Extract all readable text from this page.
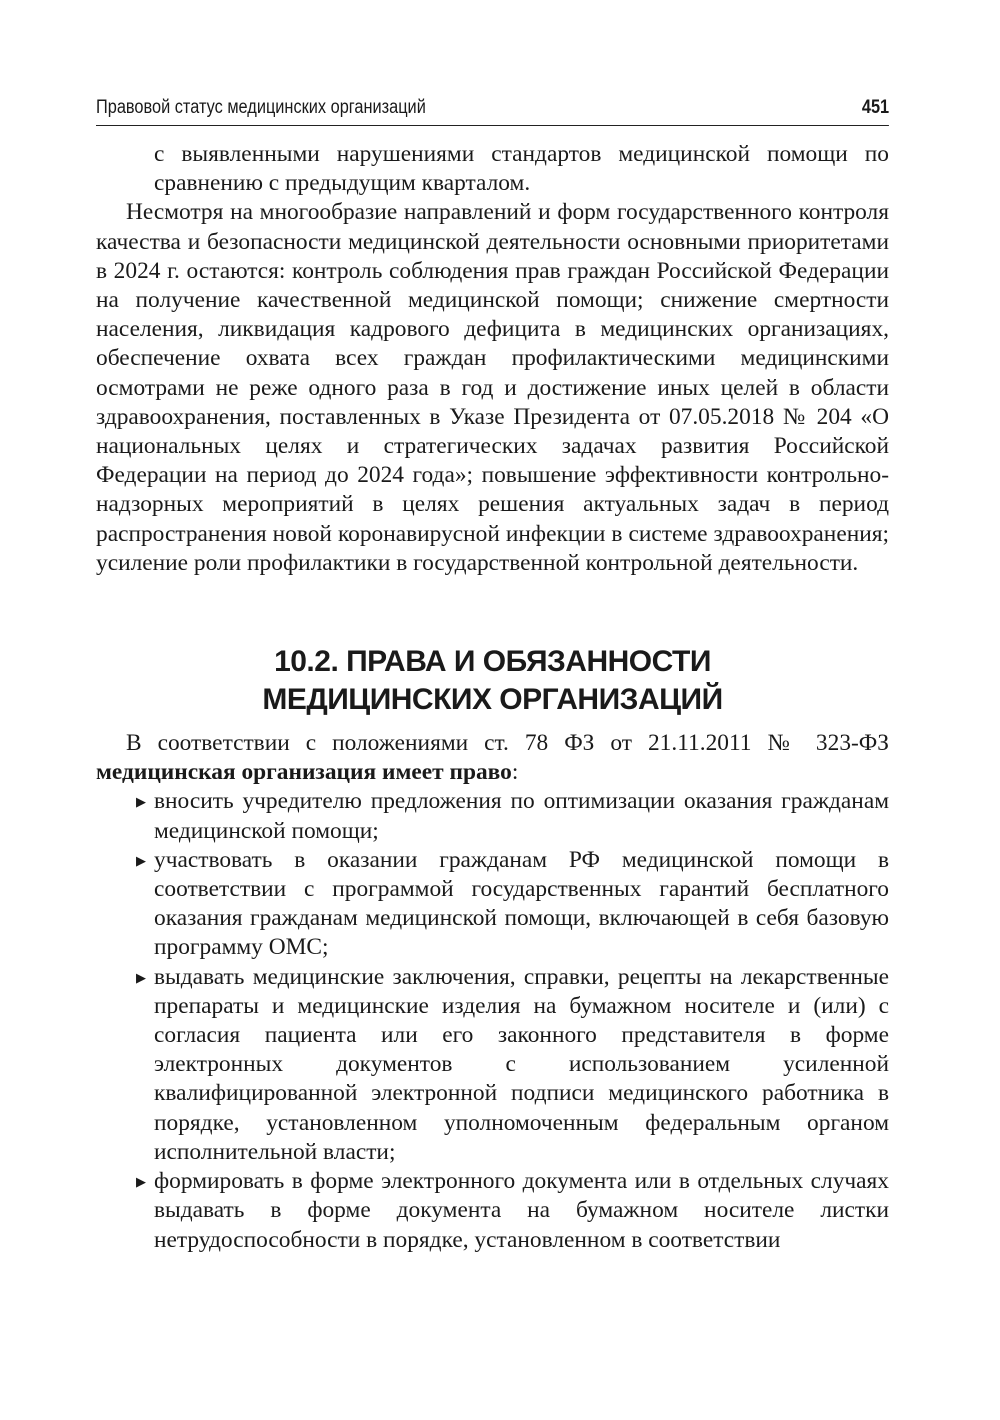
Правовой статус медицинских организаций	451

с выявленными нарушениями стандартов медицинской помощи по сравнению с предыдущим кварталом.

Несмотря на многообразие направлений и форм государственного контроля качества и безопасности медицинской деятельности основными приоритетами в 2024 г. остаются: контроль соблюдения прав граждан Российской Федерации на получение качественной медицинской помощи; снижение смертности населения, ликвидация кадрового дефицита в медицинских организациях, обеспечение охвата всех граждан профилактическими медицинскими осмотрами не реже одного раза в год и достижение иных целей в области здравоохранения, поставленных в Указе Президента от 07.05.2018 № 204 «О национальных целях и стратегических задачах развития Российской Федерации на период до 2024 года»; повышение эффективности контрольно-надзорных мероприятий в целях решения актуальных задач в период распространения новой коронавирусной инфекции в системе здравоохранения; усиление роли профилактики в государственной контрольной деятельности.

10.2. ПРАВА И ОБЯЗАННОСТИ
МЕДИЦИНСКИХ ОРГАНИЗАЦИЙ

В соответствии с положениями ст. 78 ФЗ от 21.11.2011 № 323-ФЗ медицинская организация имеет право:

▶ вносить учредителю предложения по оптимизации оказания гражданам медицинской помощи;
▶ участвовать в оказании гражданам РФ медицинской помощи в соответствии с программой государственных гарантий бесплатного оказания гражданам медицинской помощи, включающей в себя базовую программу ОМС;
▶ выдавать медицинские заключения, справки, рецепты на лекарственные препараты и медицинские изделия на бумажном носителе и (или) с согласия пациента или его законного представителя в форме электронных документов с использованием усиленной квалифицированной электронной подписи медицинского работника в порядке, установленном уполномоченным федеральным органом исполнительной власти;
▶ формировать в форме электронного документа или в отдельных случаях выдавать в форме документа на бумажном носителе листки нетрудоспособности в порядке, установленном в соответствии
